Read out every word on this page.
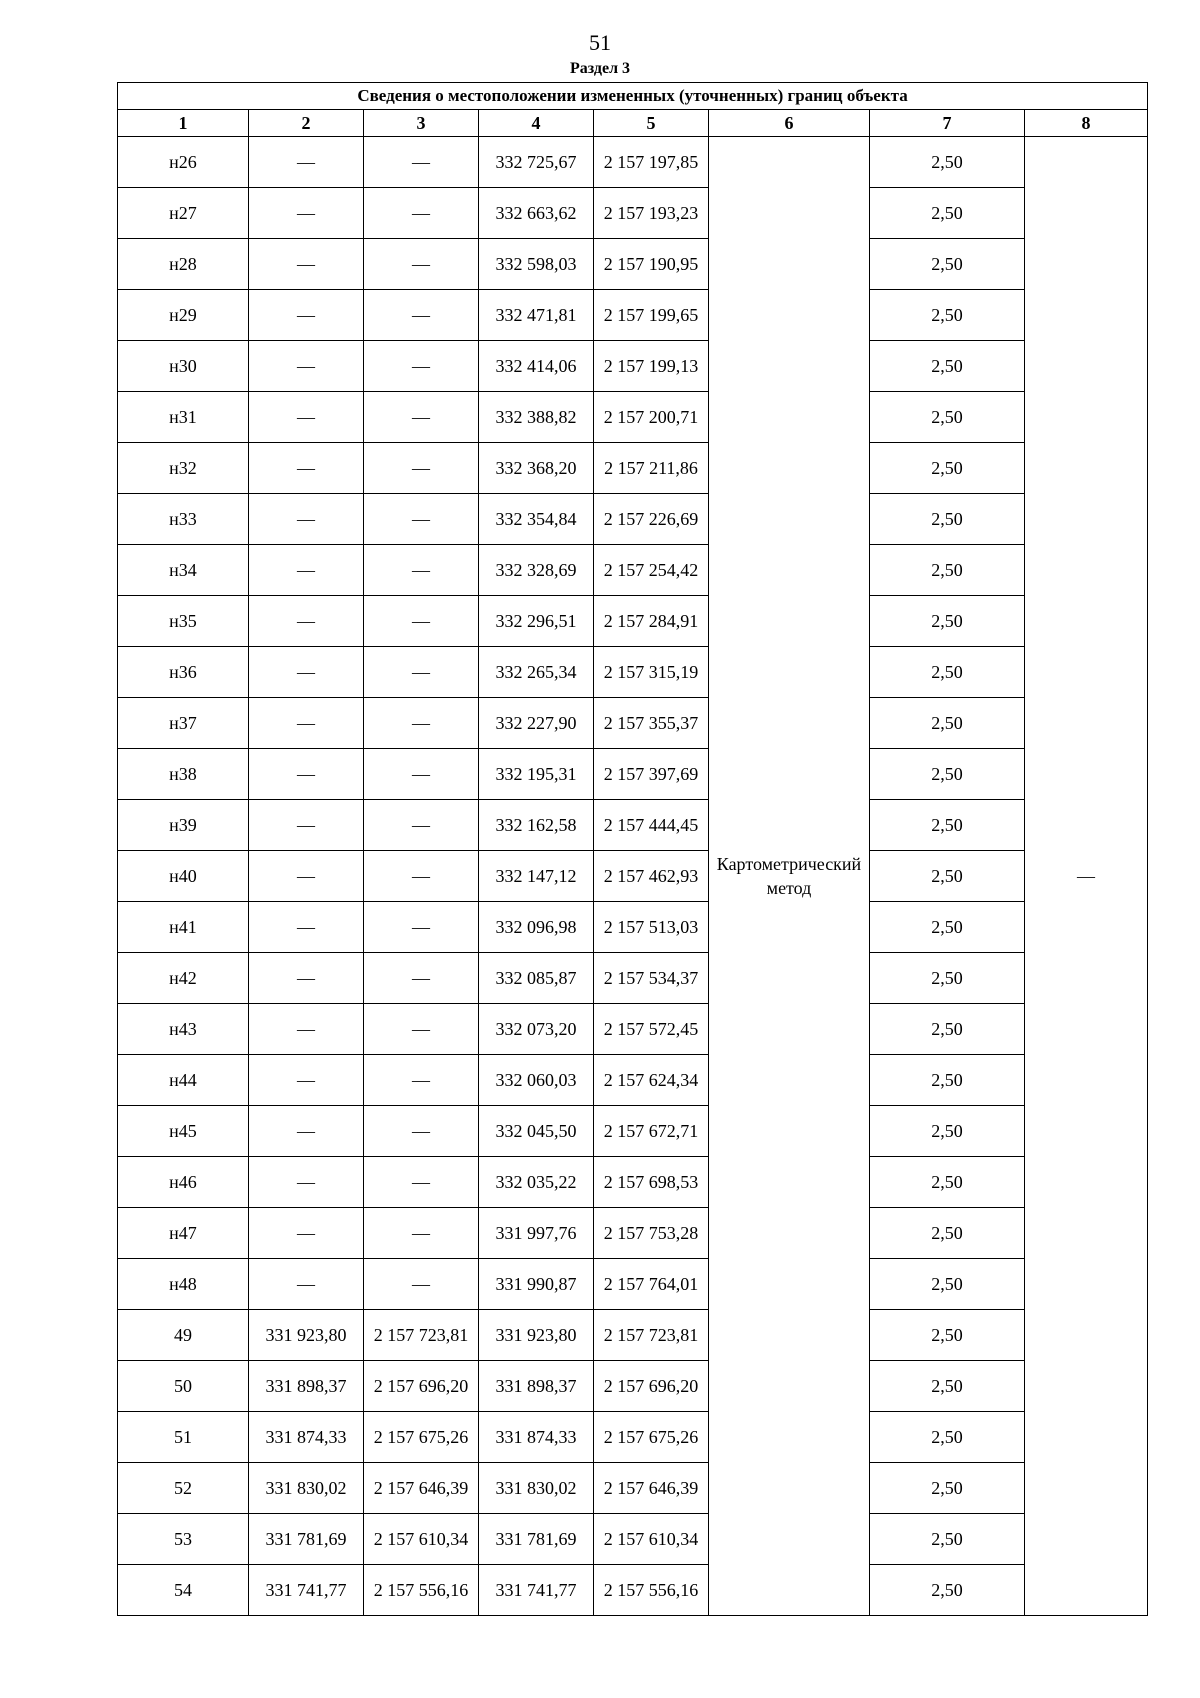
51
Раздел 3
Сведения о местоположении измененных (уточненных) границ объекта							
1	2	3	4	5	6	7	8
н26	—	—	332 725,67	2 157 197,85	Картометрический метод	2,50	—
н27	—	—	332 663,62	2 157 193,23		2,50	
н28	—	—	332 598,03	2 157 190,95		2,50	
н29	—	—	332 471,81	2 157 199,65		2,50	
н30	—	—	332 414,06	2 157 199,13		2,50	
н31	—	—	332 388,82	2 157 200,71		2,50	
н32	—	—	332 368,20	2 157 211,86		2,50	
н33	—	—	332 354,84	2 157 226,69		2,50	
н34	—	—	332 328,69	2 157 254,42		2,50	
н35	—	—	332 296,51	2 157 284,91		2,50	
н36	—	—	332 265,34	2 157 315,19		2,50	
н37	—	—	332 227,90	2 157 355,37		2,50	
н38	—	—	332 195,31	2 157 397,69		2,50	
н39	—	—	332 162,58	2 157 444,45		2,50	
н40	—	—	332 147,12	2 157 462,93		2,50	
н41	—	—	332 096,98	2 157 513,03		2,50	
н42	—	—	332 085,87	2 157 534,37		2,50	
н43	—	—	332 073,20	2 157 572,45		2,50	
н44	—	—	332 060,03	2 157 624,34		2,50	
н45	—	—	332 045,50	2 157 672,71		2,50	
н46	—	—	332 035,22	2 157 698,53		2,50	
н47	—	—	331 997,76	2 157 753,28		2,50	
н48	—	—	331 990,87	2 157 764,01		2,50	
49	331 923,80	2 157 723,81	331 923,80	2 157 723,81		2,50	
50	331 898,37	2 157 696,20	331 898,37	2 157 696,20		2,50	
51	331 874,33	2 157 675,26	331 874,33	2 157 675,26		2,50	
52	331 830,02	2 157 646,39	331 830,02	2 157 646,39		2,50	
53	331 781,69	2 157 610,34	331 781,69	2 157 610,34		2,50	
54	331 741,77	2 157 556,16	331 741,77	2 157 556,16		2,50	
